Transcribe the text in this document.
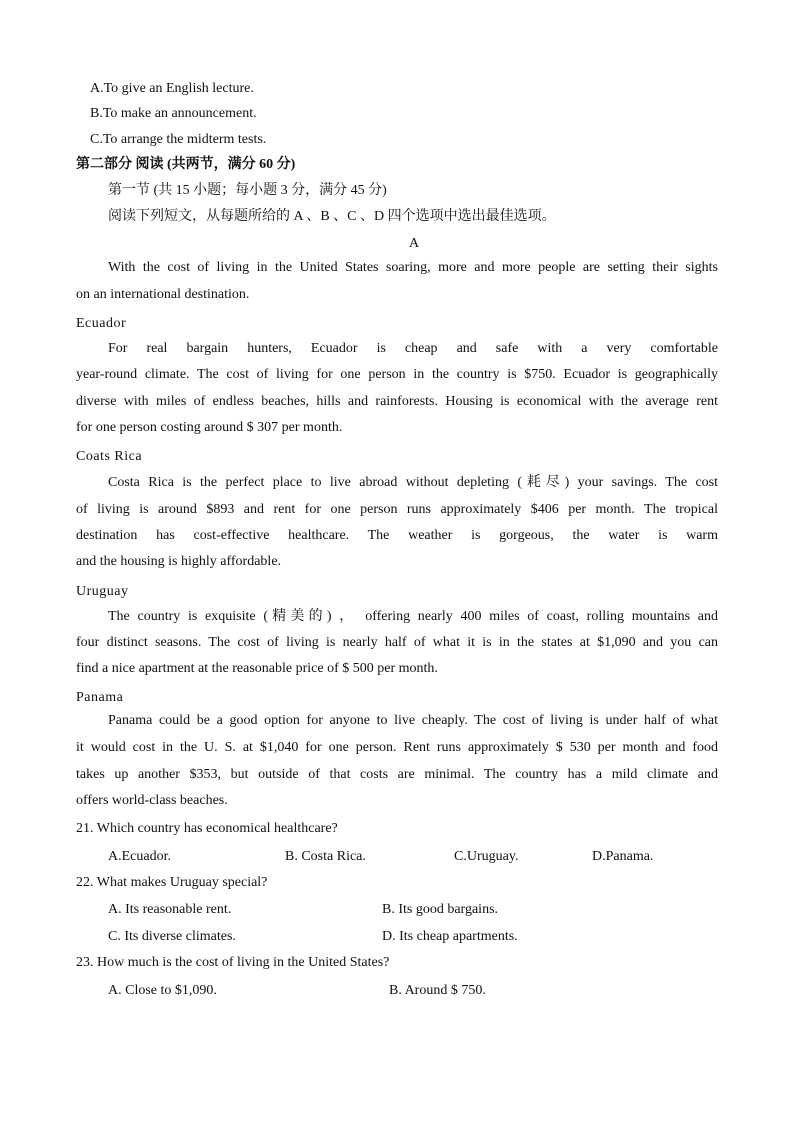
A.To give an English lecture.
B.To make an announcement.
C.To arrange the midterm tests.
第二部分 阅读 (共两节，满分 60 分)
第一节 (共 15 小题；每小题 3 分，满分 45 分)
阅读下列短文，从每题所给的 A 、B 、C 、D 四个选项中选出最佳选项。
A
With the cost of living in the United States soaring, more and more people are setting their sights
on an international destination.
Ecuador
For real bargain hunters, Ecuador is cheap and safe with a very comfortable
year-round climate. The cost of living for one person in the country is $750. Ecuador is geographically
diverse with miles of endless beaches, hills and rainforests. Housing is economical with the average rent
for one person costing around $ 307 per month.
Coats Rica
Costa Rica is the perfect place to live abroad without depleting (耗尽) your savings. The cost
of living is around $893 and rent for one person runs approximately $406 per month. The tropical
destination has cost-effective healthcare. The weather is gorgeous, the water is warm
and the housing is highly affordable.
Uruguay
The country is exquisite (精美的) ， offering nearly 400 miles of coast, rolling mountains and
four distinct seasons. The cost of living is nearly half of what it is in the states at $1,090 and you can
find a nice apartment at the reasonable price of $ 500 per month.
Panama
Panama could be a good option for anyone to live cheaply. The cost of living is under half of what
it would cost in the U. S. at $1,040 for one person. Rent runs approximately $ 530 per month and food
takes up another $353, but outside of that costs are minimal. The country has a mild climate and
offers world-class beaches.
21. Which country has economical healthcare?
A.Ecuador.	B. Costa Rica.	C.Uruguay.	D.Panama.
22. What makes Uruguay special?
A. Its reasonable rent.	B. Its good bargains.
C. Its diverse climates.	D. Its cheap apartments.
23. How much is the cost of living in the United States?
A. Close to $1,090.	B. Around $ 750.
